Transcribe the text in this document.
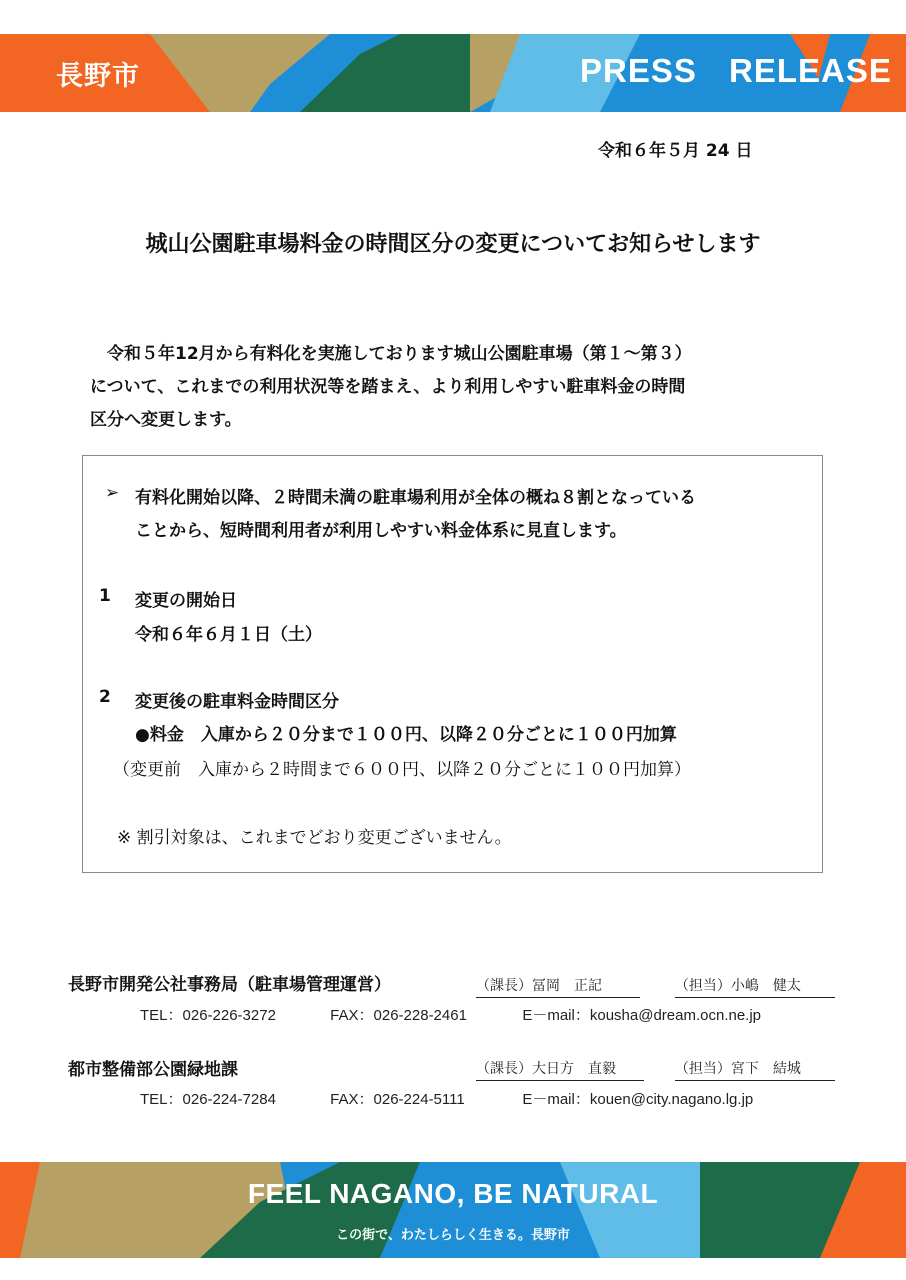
長野市	PRESS RELEASE
令和６年５月 24 日
城山公園駐車場料金の時間区分の変更についてお知らせします

令和５年12月から有料化を実施しております城山公園駐車場（第１～第３）

について、これまでの利用状況等を踏まえ、より利用しやすい駐車料金の時間

区分へ変更します。

➢ 有料化開始以降、２時間未満の駐車場利用が全体の概ね８割となっている
ことから、短時間利用者が利用しやすい料金体系に見直します。
1 変更の開始日
令和６年６月１日（土）
2 変更後の駐車料金時間区分
●料金　入庫から２０分まで１００円、以降２０分ごとに１００円加算
（変更前　入庫から２時間まで６００円、以降２０分ごとに１００円加算）
※ 割引対象は、これまでどおり変更ございません。
長野市開発公社事務局（駐車場管理運営）	（課長）冨岡　正記	（担当）小嶋　健太
TEL：026-226-3272	FAX：026-228-2461	E－mail：kousha@dream.ocn.ne.jp
都市整備部公園緑地課	（課長）大日方　直毅	（担当）宮下　結城
TEL：026-224-7284	FAX：026-224-5111	E－mail：kouen@city.nagano.lg.jp
FEEL NAGANO, BE NATURAL
この街で、わたしらしく生きる。長野市
